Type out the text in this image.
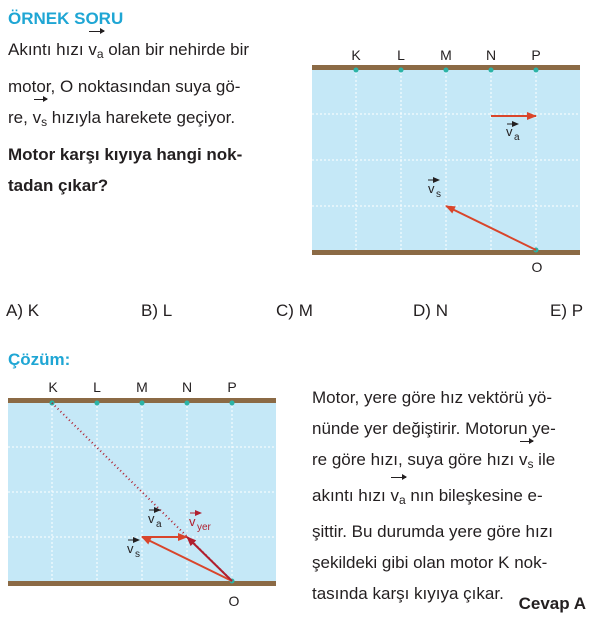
ÖRNEK SORU
Akıntı hızı $v_a$ olan bir nehirde bir
motor, O noktasından suya gö-
re, $v_s$ hızıyla harekete geçiyor.
Motor karşı kıyıya hangi nok-
tadan çıkar?
K	L	M N	P
O
v a
v s
A) K	B) L	C) M	D) N	E) P
Çözüm:
K	L	M N	P
O
v a
v s
v yer
Motor, yere göre hız vektörü yö-
nünde yer değiştirir. Motorun ye-
re göre hızı, suya göre hızı $v_s$ ile
akıntı hızı $v_a$ nın bileşkesine e-
şittir. Bu durumda yere göre hızı
şekildeki gibi olan motor K nok-
tasında karşı kıyıya çıkar.
Cevap A
